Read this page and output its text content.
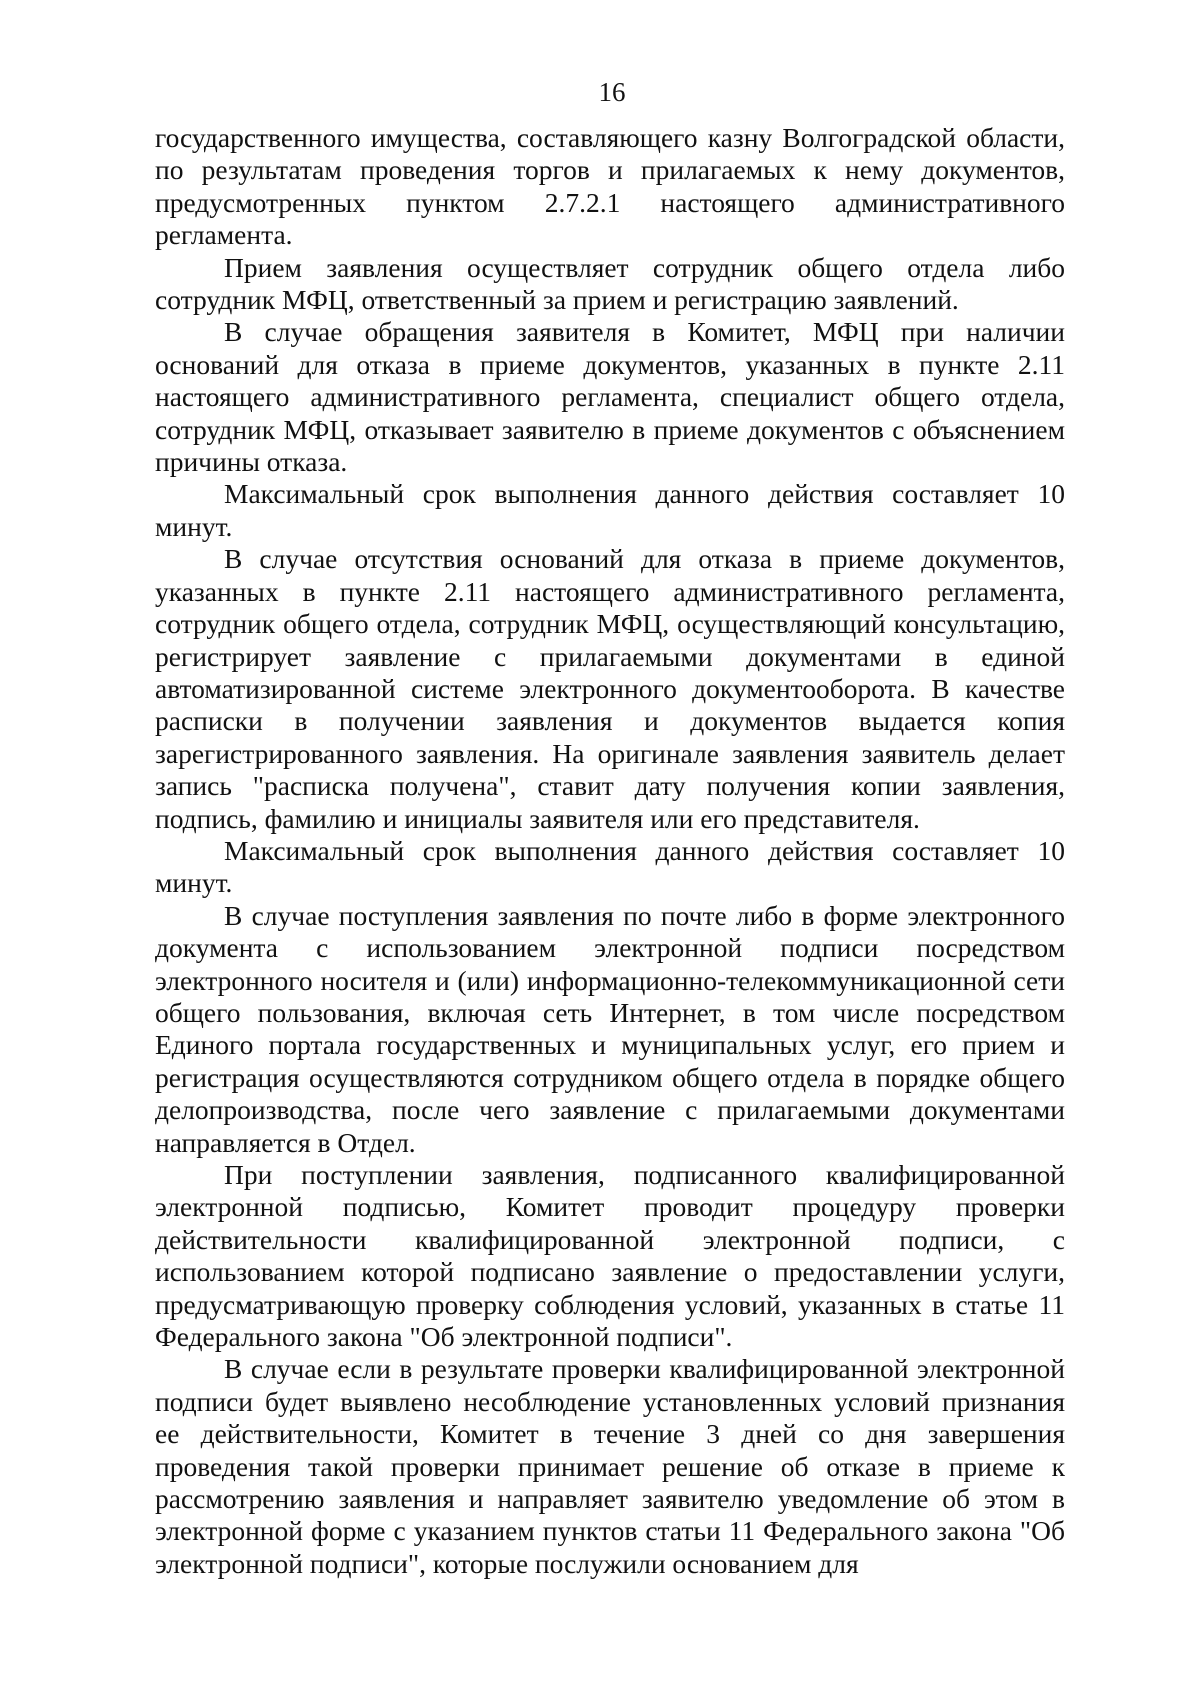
16

государственного имущества, составляющего казну Волгоградской области, по результатам проведения торгов и прилагаемых к нему документов, предусмотренных пунктом 2.7.2.1 настоящего административного регламента.

Прием заявления осуществляет сотрудник общего отдела либо сотрудник МФЦ, ответственный за прием и регистрацию заявлений.

В случае обращения заявителя в Комитет, МФЦ при наличии оснований для отказа в приеме документов, указанных в пункте 2.11 настоящего административного регламента, специалист общего отдела, сотрудник МФЦ, отказывает заявителю в приеме документов с объяснением причины отказа.

Максимальный срок выполнения данного действия составляет 10 минут.

В случае отсутствия оснований для отказа в приеме документов, указанных в пункте 2.11 настоящего административного регламента, сотрудник общего отдела, сотрудник МФЦ, осуществляющий консультацию, регистрирует заявление с прилагаемыми документами в единой автоматизированной системе электронного документооборота. В качестве расписки в получении заявления и документов выдается копия зарегистрированного заявления. На оригинале заявления заявитель делает запись "расписка получена", ставит дату получения копии заявления, подпись, фамилию и инициалы заявителя или его представителя.

Максимальный срок выполнения данного действия составляет 10 минут.

В случае поступления заявления по почте либо в форме электронного документа с использованием электронной подписи посредством электронного носителя и (или) информационно-телекоммуникационной сети общего пользования, включая сеть Интернет, в том числе посредством Единого портала государственных и муниципальных услуг, его прием и регистрация осуществляются сотрудником общего отдела в порядке общего делопроизводства, после чего заявление с прилагаемыми документами направляется в Отдел.

При поступлении заявления, подписанного квалифицированной электронной подписью, Комитет проводит процедуру проверки действительности квалифицированной электронной подписи, с использованием которой подписано заявление о предоставлении услуги, предусматривающую проверку соблюдения условий, указанных в статье 11 Федерального закона "Об электронной подписи".

В случае если в результате проверки квалифицированной электронной подписи будет выявлено несоблюдение установленных условий признания ее действительности, Комитет в течение 3 дней со дня завершения проведения такой проверки принимает решение об отказе в приеме к рассмотрению заявления и направляет заявителю уведомление об этом в электронной форме с указанием пунктов статьи 11 Федерального закона "Об электронной подписи", которые послужили основанием для
